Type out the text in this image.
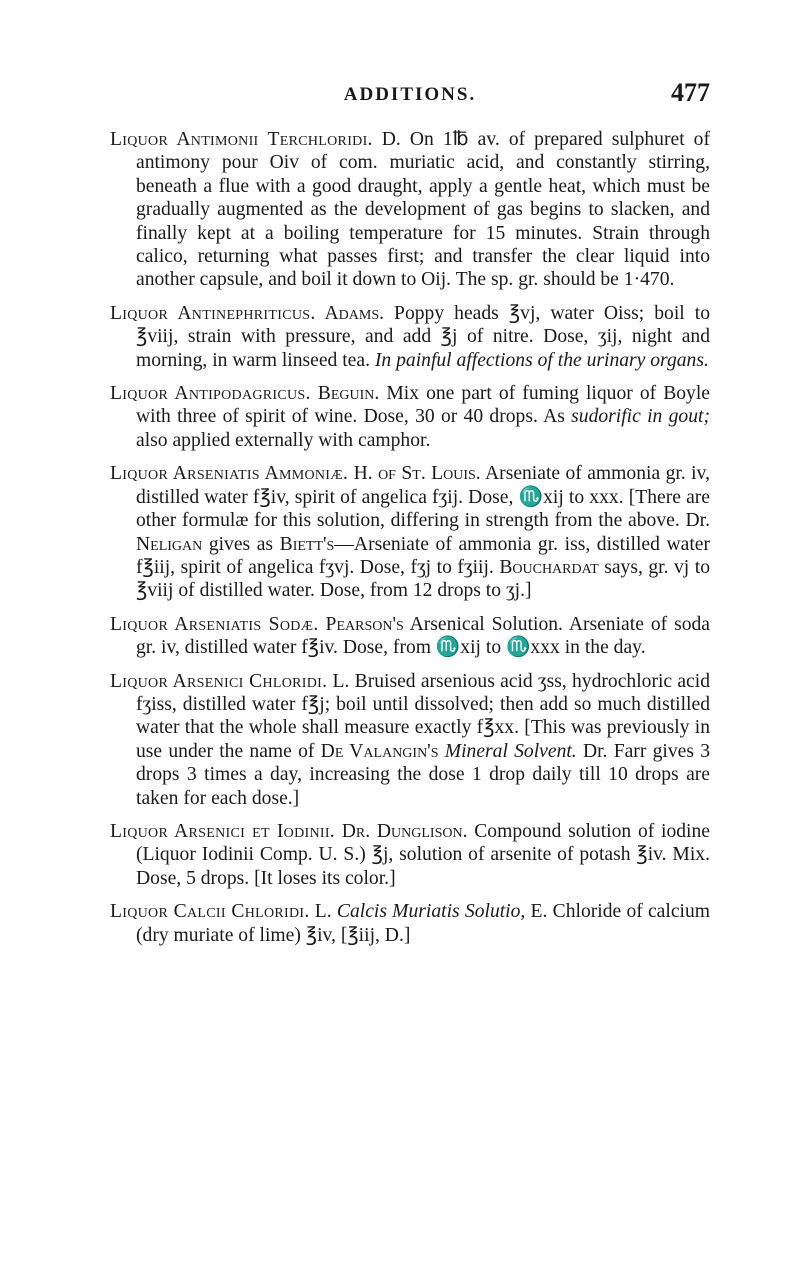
ADDITIONS.	477

Liquor Antimonii Terchloridi. D. On 1℔ av. of prepared sulphuret of antimony pour Oiv of com. muriatic acid, and constantly stirring, beneath a flue with a good draught, apply a gentle heat, which must be gradually augmented as the development of gas begins to slacken, and finally kept at a boiling temperature for 15 minutes. Strain through calico, returning what passes first; and transfer the clear liquid into another capsule, and boil it down to Oij. The sp. gr. should be 1·470.

Liquor Antinephriticus. Adams. Poppy heads ℥vj, water Oiss; boil to ℥viij, strain with pressure, and add ℥j of nitre. Dose, ʒij, night and morning, in warm linseed tea. In painful affections of the urinary organs.

Liquor Antipodagricus. Beguin. Mix one part of fuming liquor of Boyle with three of spirit of wine. Dose, 30 or 40 drops. As sudorific in gout; also applied externally with camphor.

Liquor Arseniatis Ammoniæ. H. of St. Louis. Arseniate of ammonia gr. iv, distilled water f℥iv, spirit of angelica fʒij. Dose, ♏xij to xxx. [There are other formulæ for this solution, differing in strength from the above. Dr. Neligan gives as Biett's—Arseniate of ammonia gr. iss, distilled water f℥iij, spirit of angelica fʒvj. Dose, fʒj to fʒiij. Bouchardat says, gr. vj to ℥viij of distilled water. Dose, from 12 drops to ʒj.]

Liquor Arseniatis Sodæ. Pearson's Arsenical Solution. Arseniate of soda gr. iv, distilled water f℥iv. Dose, from ♏xij to ♏xxx in the day.

Liquor Arsenici Chloridi. L. Bruised arsenious acid ʒss, hydrochloric acid fʒiss, distilled water f℥j; boil until dissolved; then add so much distilled water that the whole shall measure exactly f℥xx. [This was previously in use under the name of De Valangin's Mineral Solvent. Dr. Farr gives 3 drops 3 times a day, increasing the dose 1 drop daily till 10 drops are taken for each dose.]

Liquor Arsenici et Iodinii. Dr. Dunglison. Compound solution of iodine (Liquor Iodinii Comp. U. S.) ℥j, solution of arsenite of potash ℥iv. Mix. Dose, 5 drops. [It loses its color.]

Liquor Calcii Chloridi. L. Calcis Muriatis Solutio, E. Chloride of calcium (dry muriate of lime) ℥iv, [℥iij, D.]
